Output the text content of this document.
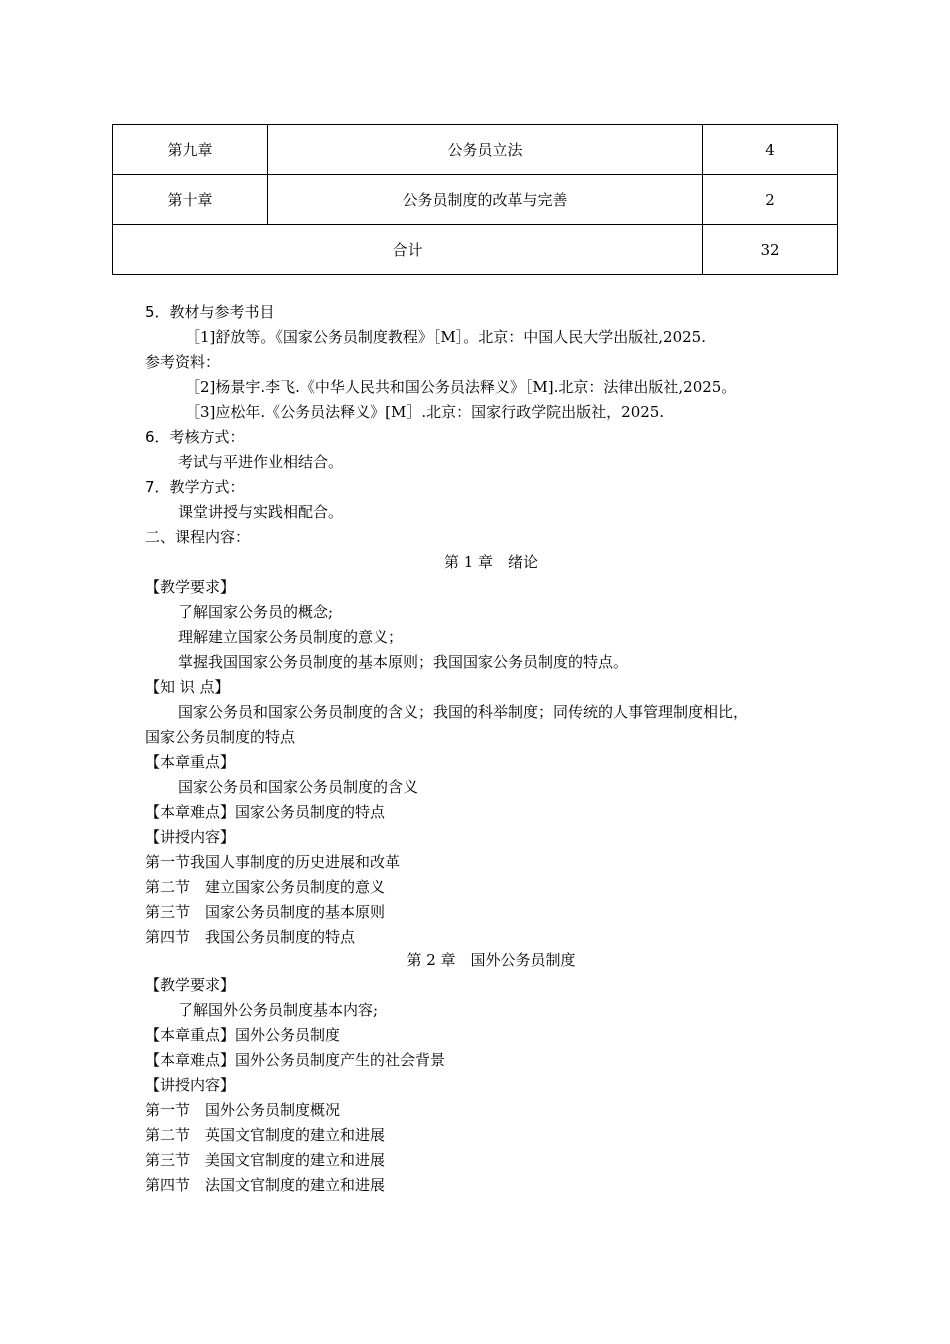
第九章	公务员立法	4
第十章	公务员制度的改革与完善	2
合计		32
5．教材与参考书目
［1]舒放等。《国家公务员制度教程》［M］。北京：中国人民大学出版社,2025.
参考资料：
［2]杨景宇.李飞.《中华人民共和国公务员法释义》［M].北京：法律出版社,2025。
［3]应松年.《公务员法释义》[M］.北京：国家行政学院出版社，2025.
6．考核方式：
考试与平进作业相结合。
7．教学方式：
课堂讲授与实践相配合。
二、课程内容：
第 1 章　绪论
【教学要求】
了解国家公务员的概念;
理解建立国家公务员制度的意义；
掌握我国国家公务员制度的基本原则；我国国家公务员制度的特点。
【知 识 点】
国家公务员和国家公务员制度的含义；我国的科举制度；同传统的人事管理制度相比，
国家公务员制度的特点
【本章重点】
国家公务员和国家公务员制度的含义
【本章难点】国家公务员制度的特点
【讲授内容】
第一节我国人事制度的历史进展和改革
第二节　建立国家公务员制度的意义
第三节　国家公务员制度的基本原则
第四节　我国公务员制度的特点
第 2 章　国外公务员制度
【教学要求】
了解国外公务员制度基本内容;
【本章重点】国外公务员制度
【本章难点】国外公务员制度产生的社会背景
【讲授内容】
第一节　国外公务员制度概况
第二节　英国文官制度的建立和进展
第三节　美国文官制度的建立和进展
第四节　法国文官制度的建立和进展
